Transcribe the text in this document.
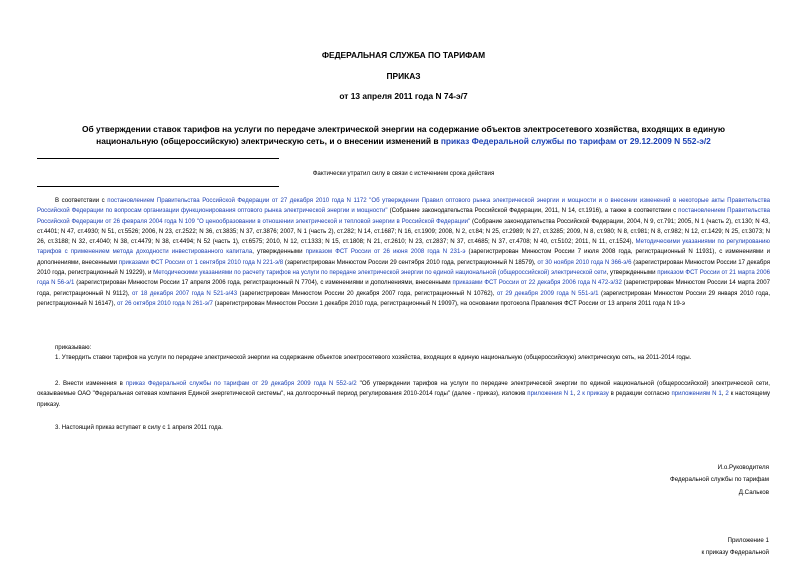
ФЕДЕРАЛЬНАЯ СЛУЖБА ПО ТАРИФАМ
ПРИКАЗ
от 13 апреля 2011 года N 74-э/7
Об утверждении ставок тарифов на услуги по передаче электрической энергии на содержание объектов электросетевого хозяйства, входящих в единую национальную (общероссийскую) электрическую сеть, и о внесении изменений в приказ Федеральной службы по тарифам от 29.12.2009 N 552-э/2
Фактически утратил силу в связи с истечением срока действия
В соответствии с постановлением Правительства Российской Федерации от 27 декабря 2010 года N 1172 "Об утверждении Правил оптового рынка электрической энергии и мощности и о внесении изменений в некоторые акты Правительства Российской Федерации по вопросам организации функционирования оптового рынка электрической энергии и мощности" (Собрание законодательства Российской Федерации, 2011, N 14, ст.1916), а также в соответствии с постановлением Правительства Российской Федерации от 26 февраля 2004 года N 109 "О ценообразовании в отношении электрической и тепловой энергии в Российской Федерации" (Собрание законодательства Российской Федерации, 2004, N 9, ст.791; 2005, N 1 (часть 2), ст.130; N 43, ст.4401; N 47, ст.4930; N 51, ст.5526; 2006, N 23, ст.2522; N 36, ст.3835; N 37, ст.3876; 2007, N 1 (часть 2), ст.282; N 14, ст.1687; N 16, ст.1909; 2008, N 2, ст.84; N 25, ст.2989; N 27, ст.3285; 2009, N 8, ст.980; N 8, ст.981; N 8, ст.982; N 12, ст.1429; N 25, ст.3073; N 26, ст.3188; N 32, ст.4040; N 38, ст.4479; N 38, ст.4494; N 52 (часть 1), ст.6575; 2010, N 12, ст.1333; N 15, ст.1808; N 21, ст.2610; N 23, ст.2837; N 37, ст.4685; N 37, ст.4708; N 40, ст.5102; 2011, N 11, ст.1524), Методическими указаниями по регулированию тарифов с применением метода доходности инвестированного капитала, утвержденными приказом ФСТ России от 26 июня 2008 года N 231-э (зарегистрирован Минюстом России 7 июля 2008 года, регистрационный N 11931), с изменениями и дополнениями, внесенными приказами ФСТ России от 1 сентября 2010 года N 221-э/8 (зарегистрирован Минюстом России 29 сентября 2010 года, регистрационный N 18579), от 30 ноября 2010 года N 366-э/6 (зарегистрирован Минюстом России 17 декабря 2010 года, регистрационный N 19229), и Методическими указаниями по расчету тарифов на услуги по передаче электрической энергии по единой национальной (общероссийской) электрической сети, утвержденными приказом ФСТ России от 21 марта 2006 года N 56-э/1 (зарегистрирован Минюстом России 17 апреля 2006 года, регистрационный N 7704), с изменениями и дополнениями, внесенными приказами ФСТ России от 22 декабря 2006 года N 472-э/32 (зарегистрирован Минюстом России 14 марта 2007 года, регистрационный N 9112), от 18 декабря 2007 года N 521-э/43 (зарегистрирован Минюстом России 20 декабря 2007 года, регистрационный N 10762), от 29 декабря 2009 года N 551-э/1 (зарегистрирован Минюстом России 29 января 2010 года, регистрационный N 16147), от 26 октября 2010 года N 261-э/7 (зарегистрирован Минюстом России 1 декабря 2010 года, регистрационный N 19097), на основании протокола Правления ФСТ России от 13 апреля 2011 года N 19-э
приказываю:
1. Утвердить ставки тарифов на услуги по передаче электрической энергии на содержание объектов электросетевого хозяйства, входящих в единую национальную (общероссийскую) электрическую сеть, на 2011-2014 годы.
2. Внести изменения в приказ Федеральной службы по тарифам от 29 декабря 2009 года N 552-э/2 "Об утверждении тарифов на услуги по передаче электрической энергии по единой национальной (общероссийской) электрической сети, оказываемые ОАО "Федеральная сетевая компания Единой энергетической системы", на долгосрочный период регулирования 2010-2014 годы" (далее - приказ), изложив приложения N 1, 2 к приказу в редакции согласно приложениям N 1, 2 к настоящему приказу.
3. Настоящий приказ вступает в силу с 1 апреля 2011 года.
И.о.Руководителя
Федеральной службы по тарифам
Д.Сальков
Приложение 1
к приказу Федеральной
